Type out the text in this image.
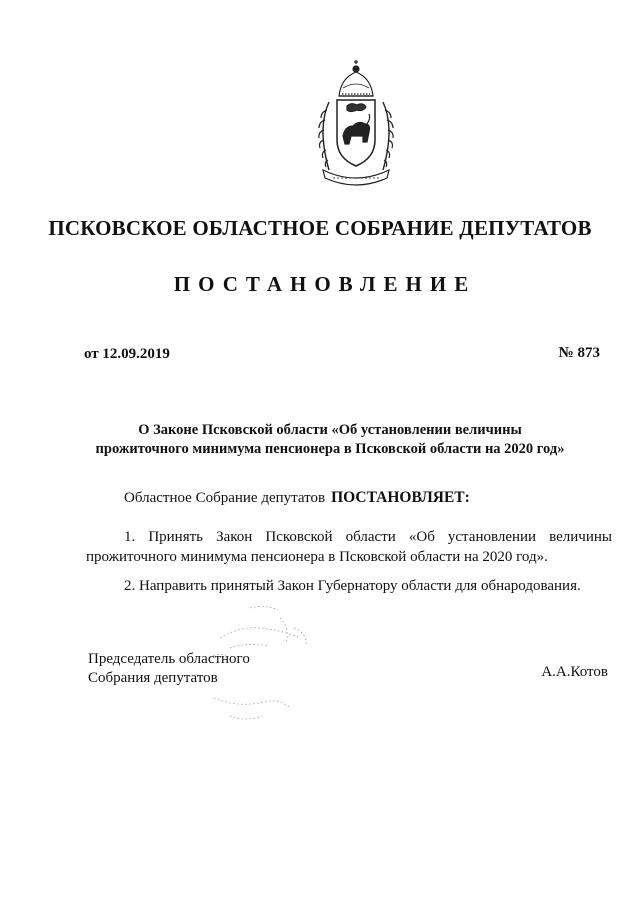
ПСКОВСКОЕ ОБЛАСТНОЕ СОБРАНИЕ ДЕПУТАТОВ
ПОСТАНОВЛЕНИЕ
от 12.09.2019	№ 873
О Законе Псковской области «Об установлении величины
прожиточного минимума пенсионера в Псковской области на 2020 год»
Областное Собрание депутатов ПОСТАНОВЛЯЕТ:
1. Принять Закон Псковской области «Об установлении величины прожиточного минимума пенсионера в Псковской области на 2020 год».
2. Направить принятый Закон Губернатору области для обнародования.
Председатель областного
Собрания депутатов	А.А.Котов
